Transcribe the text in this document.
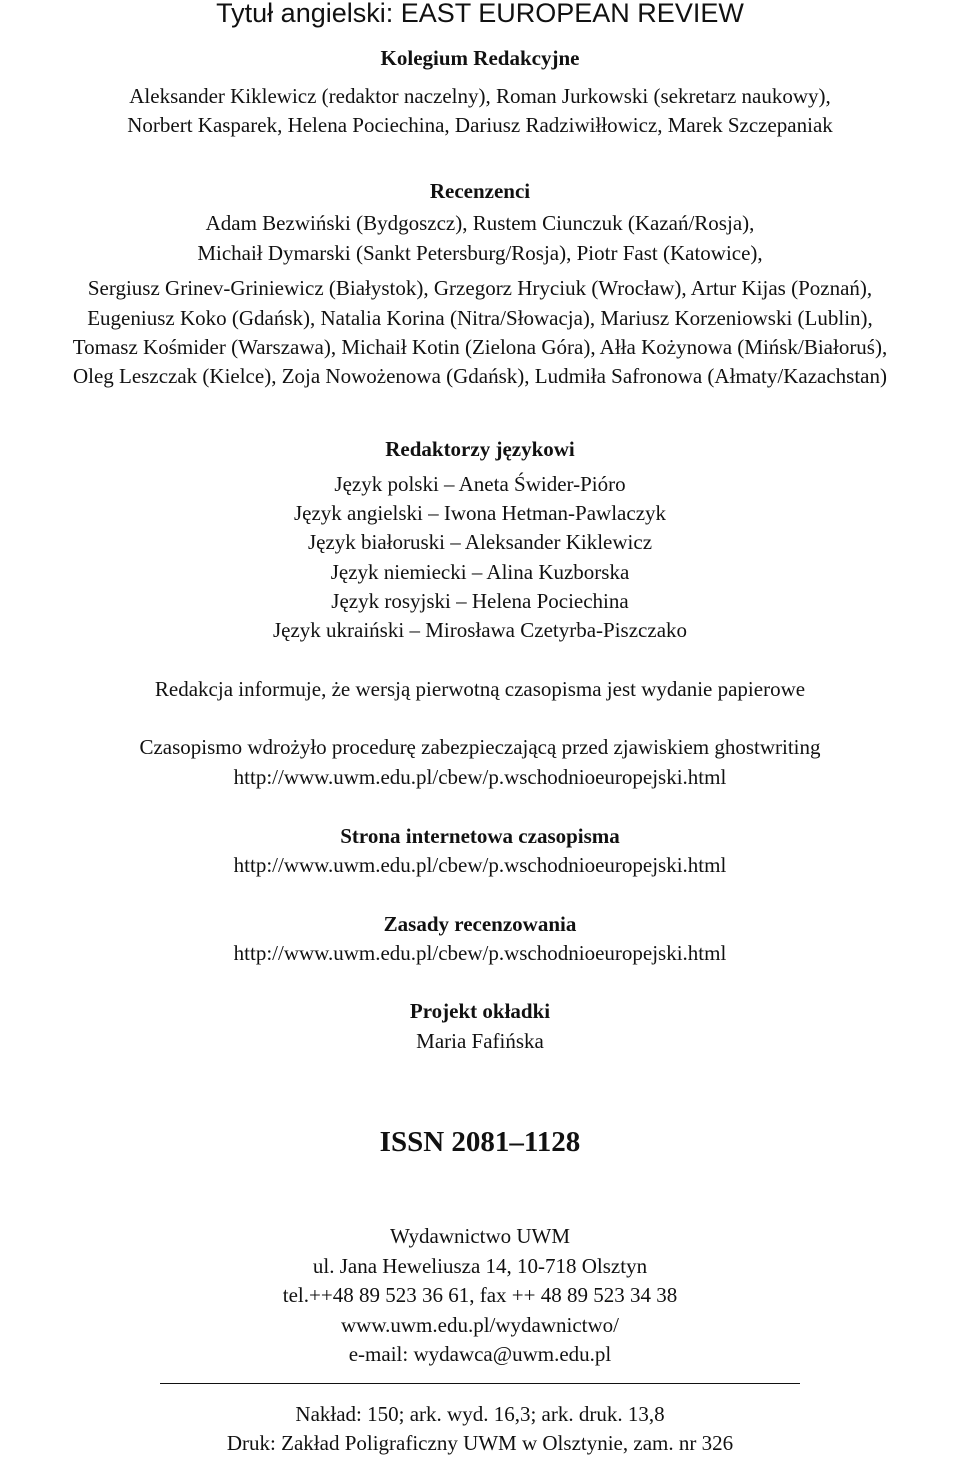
Tytuł angielski: EAST EUROPEAN REVIEW
Kolegium Redakcyjne
Aleksander Kiklewicz (redaktor naczelny), Roman Jurkowski (sekretarz naukowy),
Norbert Kasparek, Helena Pociechina, Dariusz Radziwiłłowicz, Marek Szczepaniak
Recenzenci
Adam Bezwiński (Bydgoszcz), Rustem Ciunczuk (Kazań/Rosja),
Michaił Dymarski (Sankt Petersburg/Rosja), Piotr Fast (Katowice),
Sergiusz Grinev-Griniewicz (Białystok), Grzegorz Hryciuk (Wrocław), Artur Kijas (Poznań),
Eugeniusz Koko (Gdańsk), Natalia Korina (Nitra/Słowacja), Mariusz Korzeniowski (Lublin),
Tomasz Kośmider (Warszawa), Michaił Kotin (Zielona Góra), Ałła Kożynowa (Mińsk/Białoruś),
Oleg Leszczak (Kielce), Zoja Nowożenowa (Gdańsk), Ludmiła Safronowa (Ałmaty/Kazachstan)
Redaktorzy językowi
Język polski – Aneta Świder-Pióro
Język angielski – Iwona Hetman-Pawlaczyk
Język białoruski – Aleksander Kiklewicz
Język niemiecki – Alina Kuzborska
Język rosyjski – Helena Pociechina
Język ukraiński – Mirosława Czetyrba-Piszczako
Redakcja informuje, że wersją pierwotną czasopisma jest wydanie papierowe
Czasopismo wdrożyło procedurę zabezpieczającą przed zjawiskiem ghostwriting
http://www.uwm.edu.pl/cbew/p.wschodnioeuropejski.html
Strona internetowa czasopisma
http://www.uwm.edu.pl/cbew/p.wschodnioeuropejski.html
Zasady recenzowania
http://www.uwm.edu.pl/cbew/p.wschodnioeuropejski.html
Projekt okładki
Maria Fafińska
ISSN 2081–1128
Wydawnictwo UWM
ul. Jana Heweliusza 14, 10-718 Olsztyn
tel.++48 89 523 36 61, fax ++ 48 89 523 34 38
www.uwm.edu.pl/wydawnictwo/
e-mail: wydawca@uwm.edu.pl
Nakład: 150; ark. wyd. 16,3; ark. druk. 13,8
Druk: Zakład Poligraficzny UWM w Olsztynie, zam. nr 326
